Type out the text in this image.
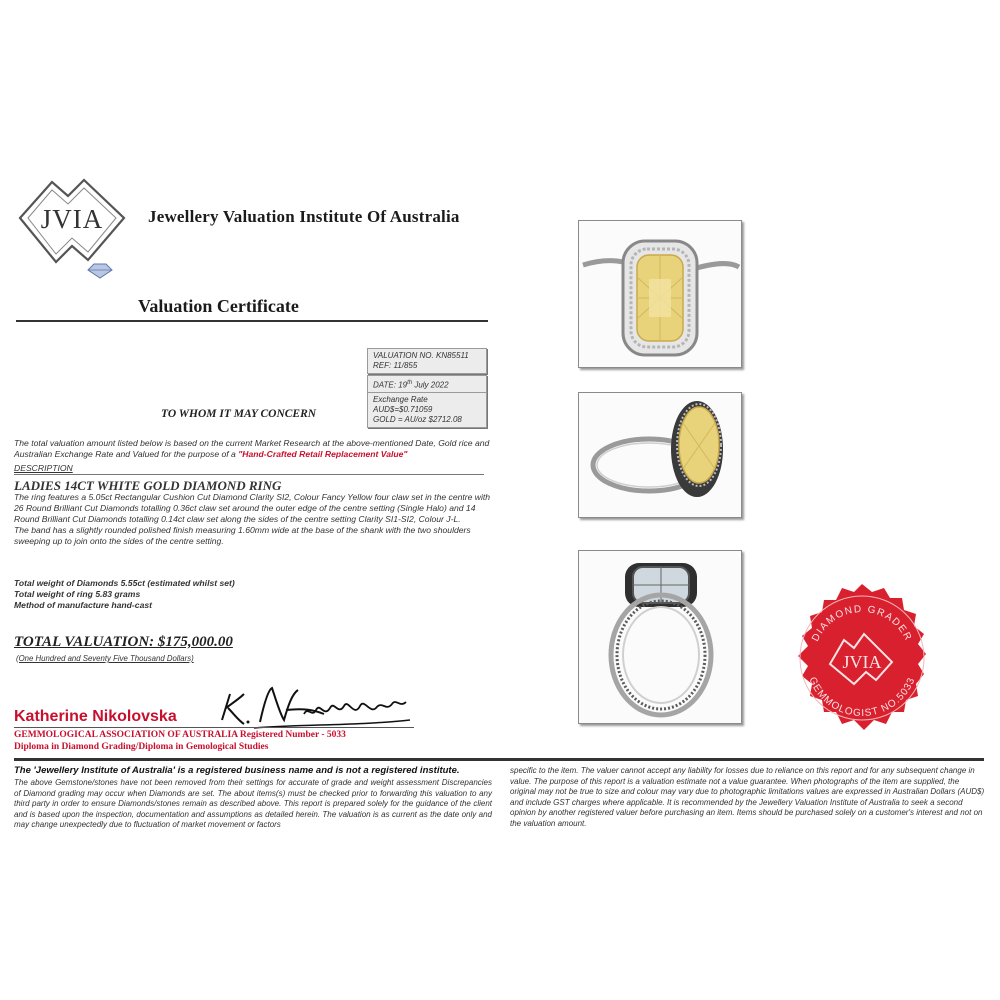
JVIA	Jewellery Valuation Institute Of Australia
Valuation Certificate
VALUATION NO. KN85511
REF: 11/855
DATE: 19th July 2022
Exchange Rate
AUD$=$0.71059
GOLD = AU/oz $2712.08
TO WHOM IT MAY CONCERN
The total valuation amount listed below is based on the current Market Research at the above-mentioned Date, Gold rice and Australian Exchange Rate and Valued for the purpose of a "Hand-Crafted Retail Replacement Value"
DESCRIPTION
LADIES 14CT WHITE GOLD DIAMOND RING

The ring features a 5.05ct Rectangular Cushion Cut Diamond Clarity SI2, Colour Fancy Yellow four claw set in the centre with 26 Round Brilliant Cut Diamonds totalling 0.36ct claw set around the outer edge of the centre setting (Single Halo) and 14 Round Brilliant Cut Diamonds totalling 0.14ct claw set along the sides of the centre setting Clarity SI1-SI2, Colour J-L.

The band has a slightly rounded polished finish measuring 1.60mm wide at the base of the shank with the two shoulders sweeping up to join onto the sides of the centre setting.

Total weight of Diamonds 5.55ct (estimated whilst set)
Total weight of ring 5.83 grams
Method of manufacture hand-cast
TOTAL VALUATION: $175,000.00
(One Hundred and Seventy Five Thousand Dollars)
Katherine Nikolovska
GEMMOLOGICAL ASSOCIATION OF AUSTRALIA Registered Number - 5033
Diploma in Diamond Grading/Diploma in Gemological Studies
The 'Jewellery Institute of Australia' is a registered business name and is not a registered institute.
The above Gemstone/stones have not been removed from their settings for accurate of grade and weight assessment Discrepancies of Diamond grading may occur when Diamonds are set. The about items(s) must be checked prior to forwarding this valuation to any third party in order to ensure Diamonds/stones remain as described above. This report is prepared solely for the guidance of the client and is based upon the inspection, documentation and assumptions as detailed herein. The valuation is as current as the date only and may change unexpectedly due to fluctuation of market movement or factors
specific to the item. The valuer cannot accept any liability for losses due to reliance on this report and for any subsequent change in value. The purpose of this report is a valuation estimate not a value guarantee. When photographs of the item are supplied, the original may not be true to size and colour may vary due to photographic limitations values are expressed in Australian Dollars (AUD$) and include GST charges where applicable. It is recommended by the Jewellery Valuation Institute of Australia to seek a second opinion by another registered valuer before purchasing an item. Items should be purchased solely on a customer's interest and not on the valuation amount.
DIAMOND GRADER
JVIA
GEMMOLOGIST NO.5033
